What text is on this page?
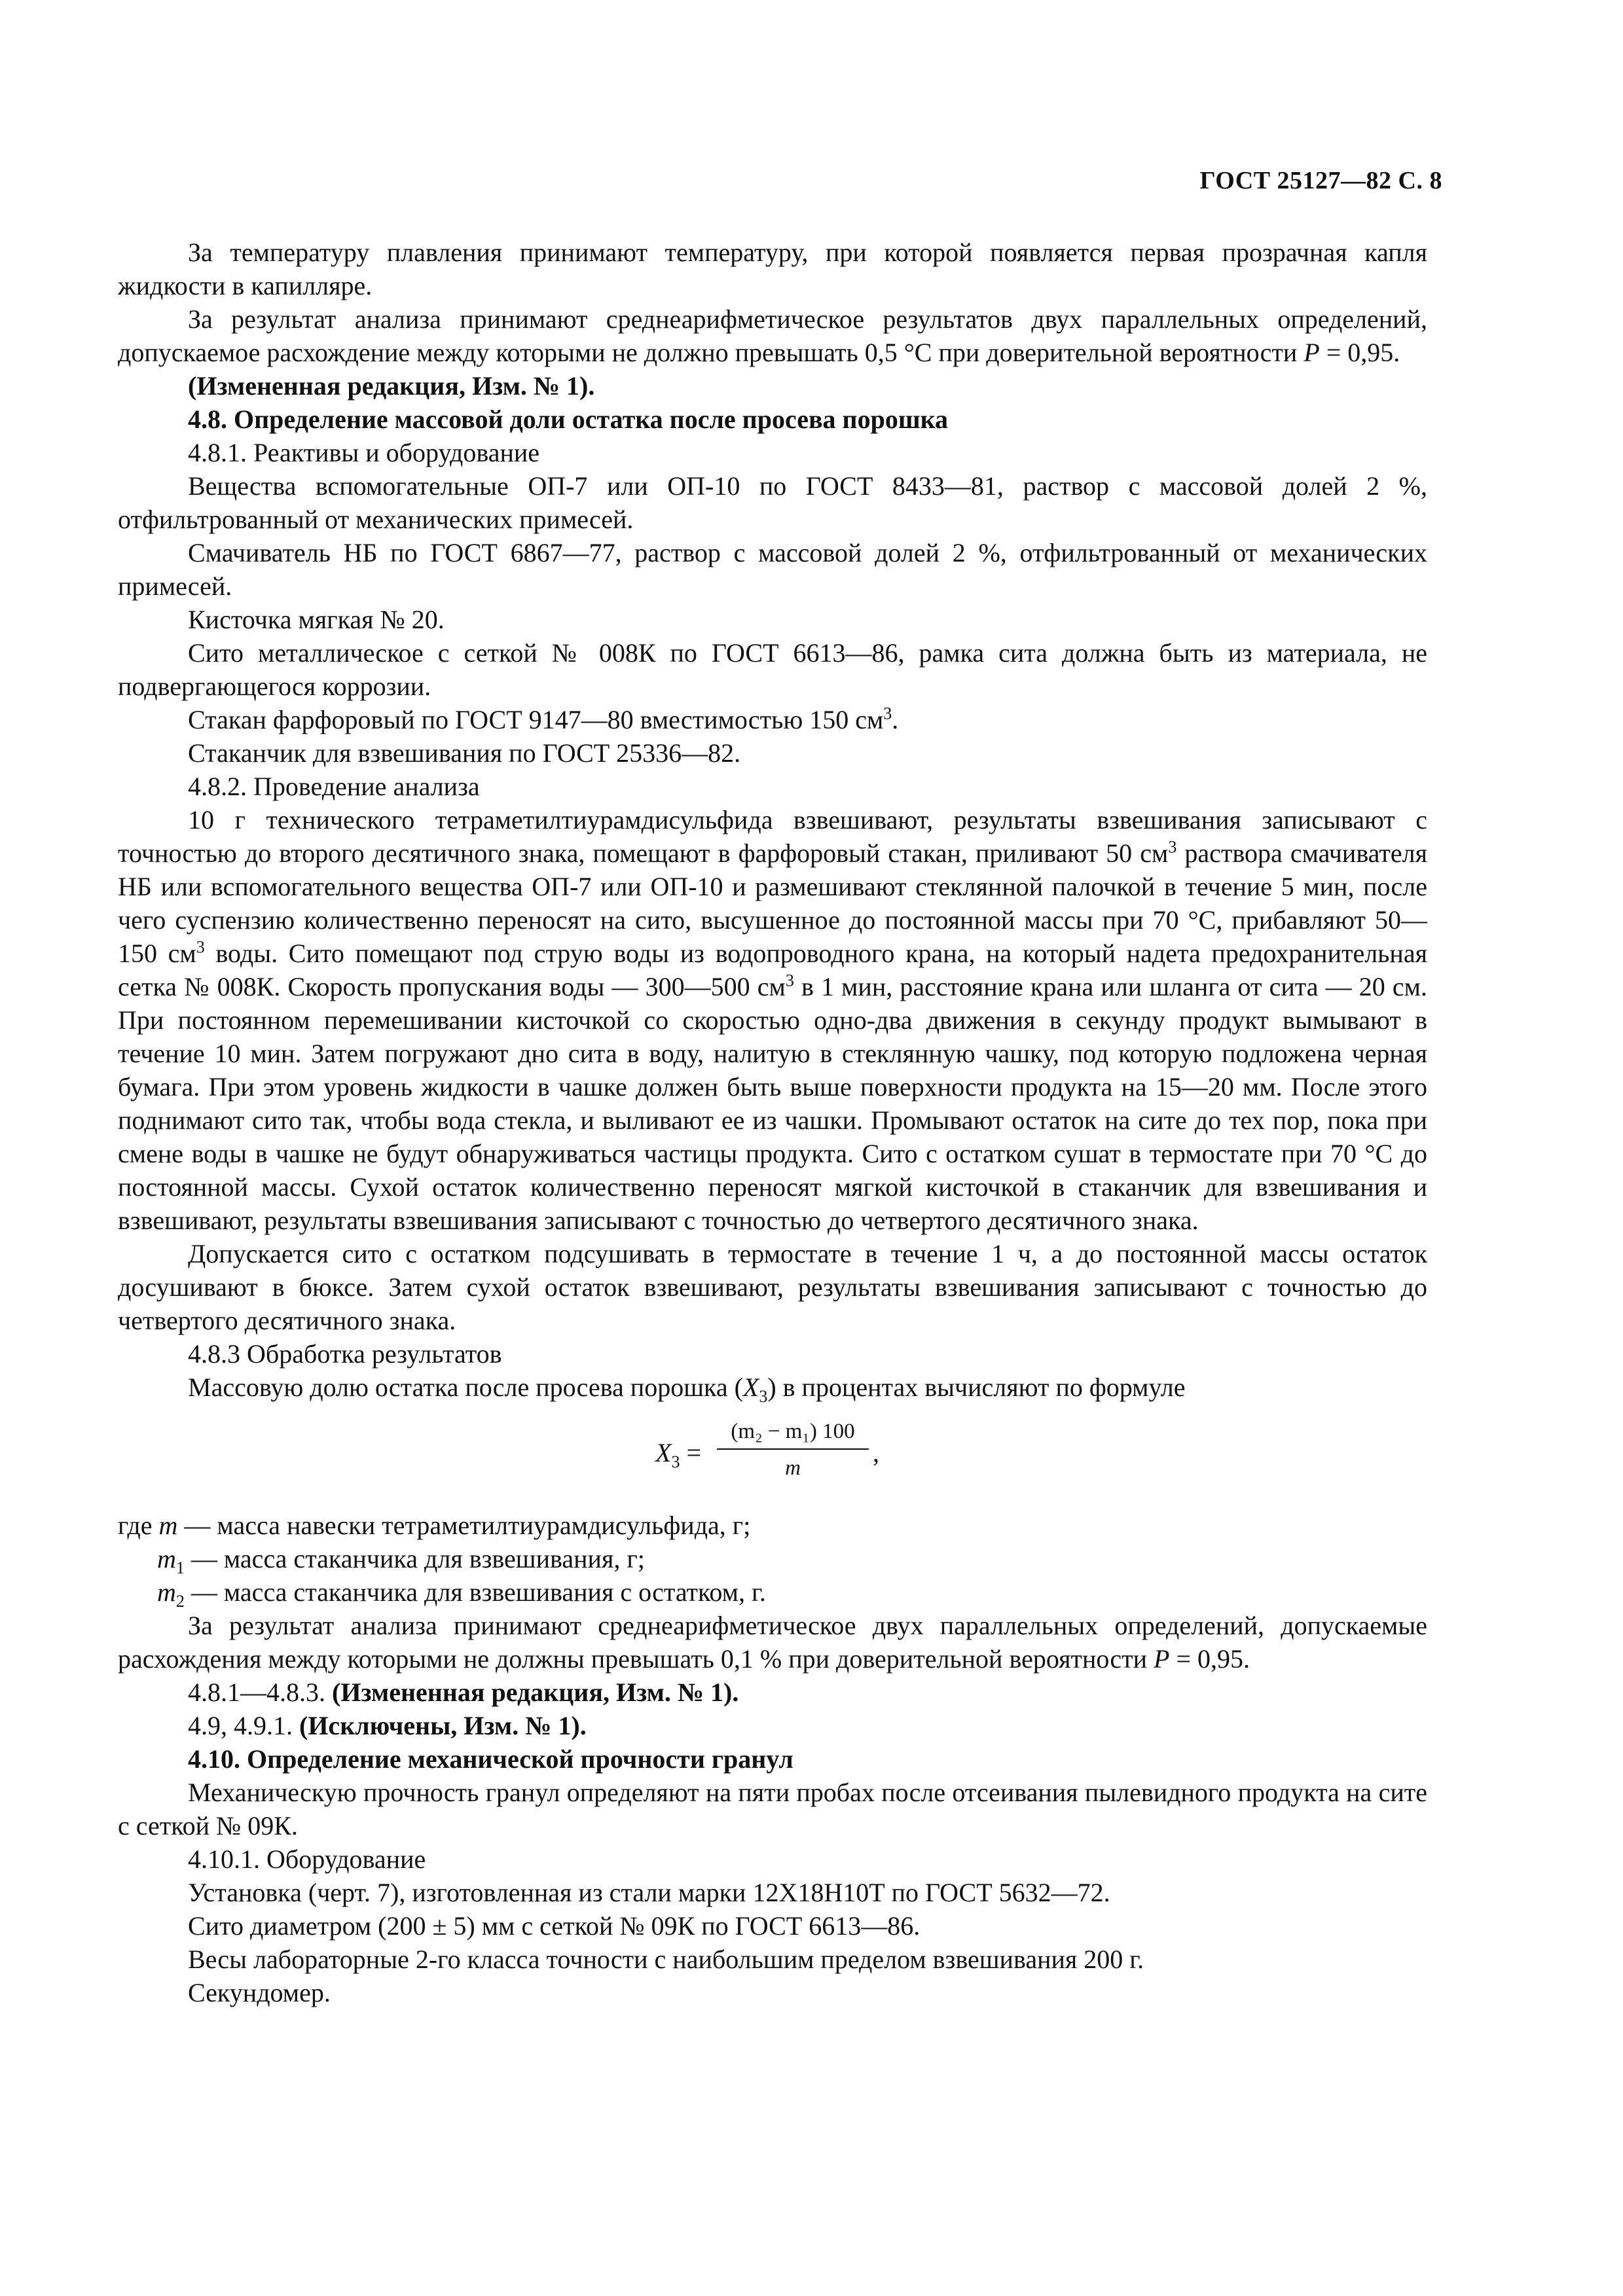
ГОСТ 25127—82 С. 8

За температуру плавления принимают температуру, при которой появляется первая прозрачная капля жидкости в капилляре.

За результат анализа принимают среднеарифметическое результатов двух параллельных определений, допускаемое расхождение между которыми не должно превышать 0,5 °С при доверительной вероятности P = 0,95.

(Измененная редакция, Изм. № 1).

4.8. Определение массовой доли остатка после просева порошка

4.8.1. Реактивы и оборудование

Вещества вспомогательные ОП-7 или ОП-10 по ГОСТ 8433—81, раствор с массовой долей 2 %, отфильтрованный от механических примесей.

Смачиватель НБ по ГОСТ 6867—77, раствор с массовой долей 2 %, отфильтрованный от механических примесей.

Кисточка мягкая № 20.

Сито металлическое с сеткой № 008К по ГОСТ 6613—86, рамка сита должна быть из материала, не подвергающегося коррозии.

Стакан фарфоровый по ГОСТ 9147—80 вместимостью 150 $см^3$.

Стаканчик для взвешивания по ГОСТ 25336—82.

4.8.2. Проведение анализа

10 г технического тетраметилтиурамдисульфида взвешивают, результаты взвешивания записывают с точностью до второго десятичного знака, помещают в фарфоровый стакан, приливают 50 $см^3$ раствора смачивателя НБ или вспомогательного вещества ОП-7 или ОП-10 и размешивают стеклянной палочкой в течение 5 мин, после чего суспензию количественно переносят на сито, высушенное до постоянной массы при 70 °С, прибавляют 50—150 $см^3$ воды. Сито помещают под струю воды из водопроводного крана, на который надета предохранительная сетка № 008К. Скорость пропускания воды — 300—500 $см^3$ в 1 мин, расстояние крана или шланга от сита — 20 см. При постоянном перемешивании кисточкой со скоростью одно-два движения в секунду продукт вымывают в течение 10 мин. Затем погружают дно сита в воду, налитую в стеклянную чашку, под которую подложена черная бумага. При этом уровень жидкости в чашке должен быть выше поверхности продукта на 15—20 мм. После этого поднимают сито так, чтобы вода стекла, и выливают ее из чашки. Промывают остаток на сите до тех пор, пока при смене воды в чашке не будут обнаруживаться частицы продукта. Сито с остатком сушат в термостате при 70 °С до постоянной массы. Сухой остаток количественно переносят мягкой кисточкой в стаканчик для взвешивания и взвешивают, результаты взвешивания записывают с точностью до четвертого десятичного знака.

Допускается сито с остатком подсушивать в термостате в течение 1 ч, а до постоянной массы остаток досушивают в бюксе. Затем сухой остаток взвешивают, результаты взвешивания записывают с точностью до четвертого десятичного знака.

4.8.3 Обработка результатов

Массовую долю остатка после просева порошка $(X_3)$ в процентах вычисляют по формуле

$X_3 = \frac{\text{(m₂ − m₁) 100}}{m}$ ,

где m — масса навески тетраметилтиурамдисульфида, г;

$m_1$ — масса стаканчика для взвешивания, г;

$m_2$ — масса стаканчика для взвешивания с остатком, г.

За результат анализа принимают среднеарифметическое двух параллельных определений, допускаемые расхождения между которыми не должны превышать 0,1 % при доверительной вероятности P = 0,95.

4.8.1—4.8.3. (Измененная редакция, Изм. № 1).

4.9, 4.9.1. (Исключены, Изм. № 1).

4.10. Определение механической прочности гранул

Механическую прочность гранул определяют на пяти пробах после отсеивания пылевидного продукта на сите с сеткой № 09К.

4.10.1. Оборудование

Установка (черт. 7), изготовленная из стали марки 12Х18Н10Т по ГОСТ 5632—72.

Сито диаметром (200 ± 5) мм с сеткой № 09К по ГОСТ 6613—86.

Весы лабораторные 2-го класса точности с наибольшим пределом взвешивания 200 г.

Секундомер.
